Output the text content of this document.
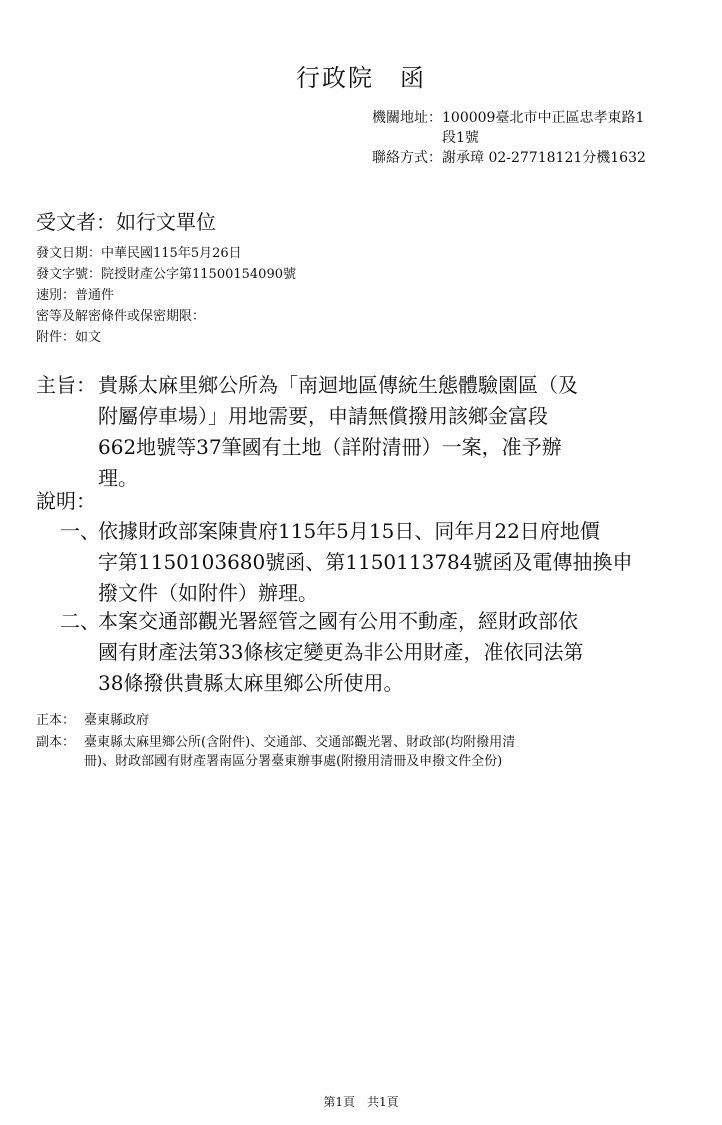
行政院　函
機關地址： 100009臺北市中正區忠孝東路1
段1號
聯絡方式： 謝承璋 02-27718121分機1632
受文者：如行文單位
發文日期：中華民國115年5月26日
發文字號：院授財產公字第11500154090號
速別：普通件
密等及解密條件或保密期限：
附件：如文
主旨： 貴縣太麻里鄉公所為「南迴地區傳統生態體驗園區（及
附屬停車場）」用地需要，申請無償撥用該鄉金富段
662地號等37筆國有土地（詳附清冊）一案，准予辦
理。
說明：
一、
依據財政部案陳貴府115年5月15日、同年月22日府地價
字第1150103680號函、第1150113784號函及電傳抽換申
撥文件（如附件）辦理。
二、
本案交通部觀光署經管之國有公用不動產，經財政部依
國有財產法第33條核定變更為非公用財產，准依同法第
38條撥供貴縣太麻里鄉公所使用。
正本： 臺東縣政府
副本： 臺東縣太麻里鄉公所(含附件)、交通部、交通部觀光署、財政部(均附撥用清
冊)、財政部國有財產署南區分署臺東辦事處(附撥用清冊及申撥文件全份)
第1頁　共1頁
